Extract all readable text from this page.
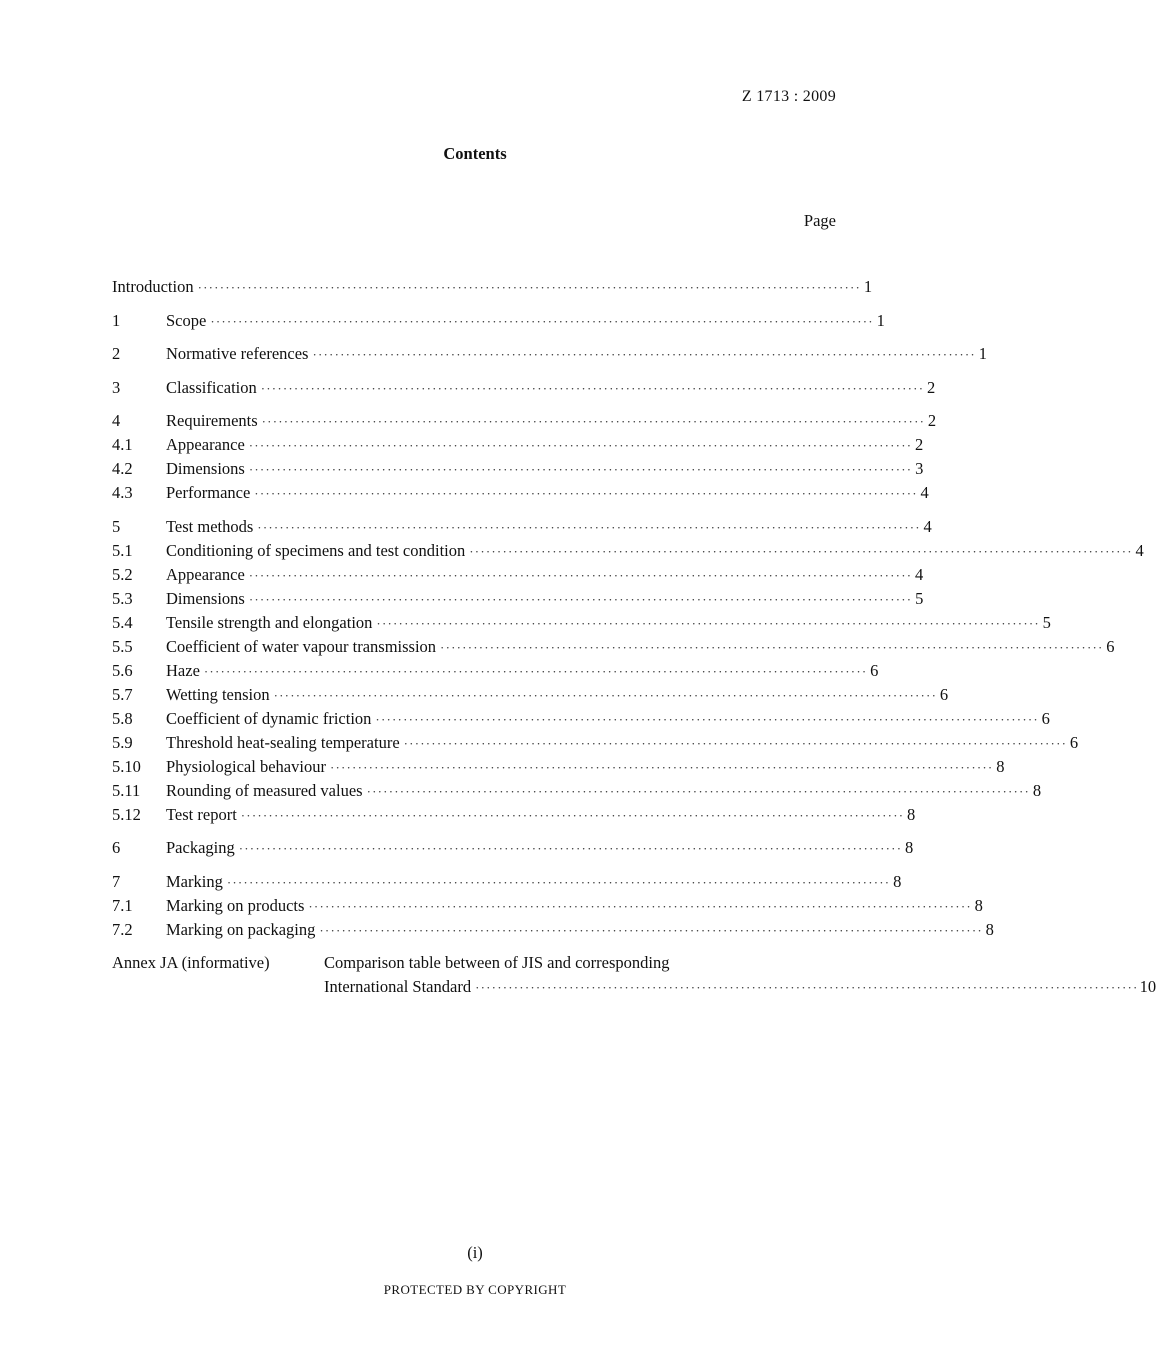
Z 1713 : 2009
Contents
Page
Introduction ·····	1
1	Scope ·····	1
2	Normative references ·····	1
3	Classification ·····	2
4	Requirements ·····	2
4.1	Appearance ·····	2
4.2	Dimensions ·····	3
4.3	Performance ·····	4
5	Test methods ·····	4
5.1	Conditioning of specimens and test condition ·····	4
5.2	Appearance ·····	4
5.3	Dimensions ·····	5
5.4	Tensile strength and elongation ·····	5
5.5	Coefficient of water vapour transmission ·····	6
5.6	Haze ·····	6
5.7	Wetting tension ·····	6
5.8	Coefficient of dynamic friction ·····	6
5.9	Threshold heat-sealing temperature ·····	6
5.10	Physiological behaviour ·····	8
5.11	Rounding of measured values ·····	8
5.12	Test report ·····	8
6	Packaging ·····	8
7	Marking ·····	8
7.1	Marking on products ·····	8
7.2	Marking on packaging ·····	8
Annex JA (informative)	Comparison table between of JIS and corresponding
International Standard ·····	10
(i)
PROTECTED BY COPYRIGHT
